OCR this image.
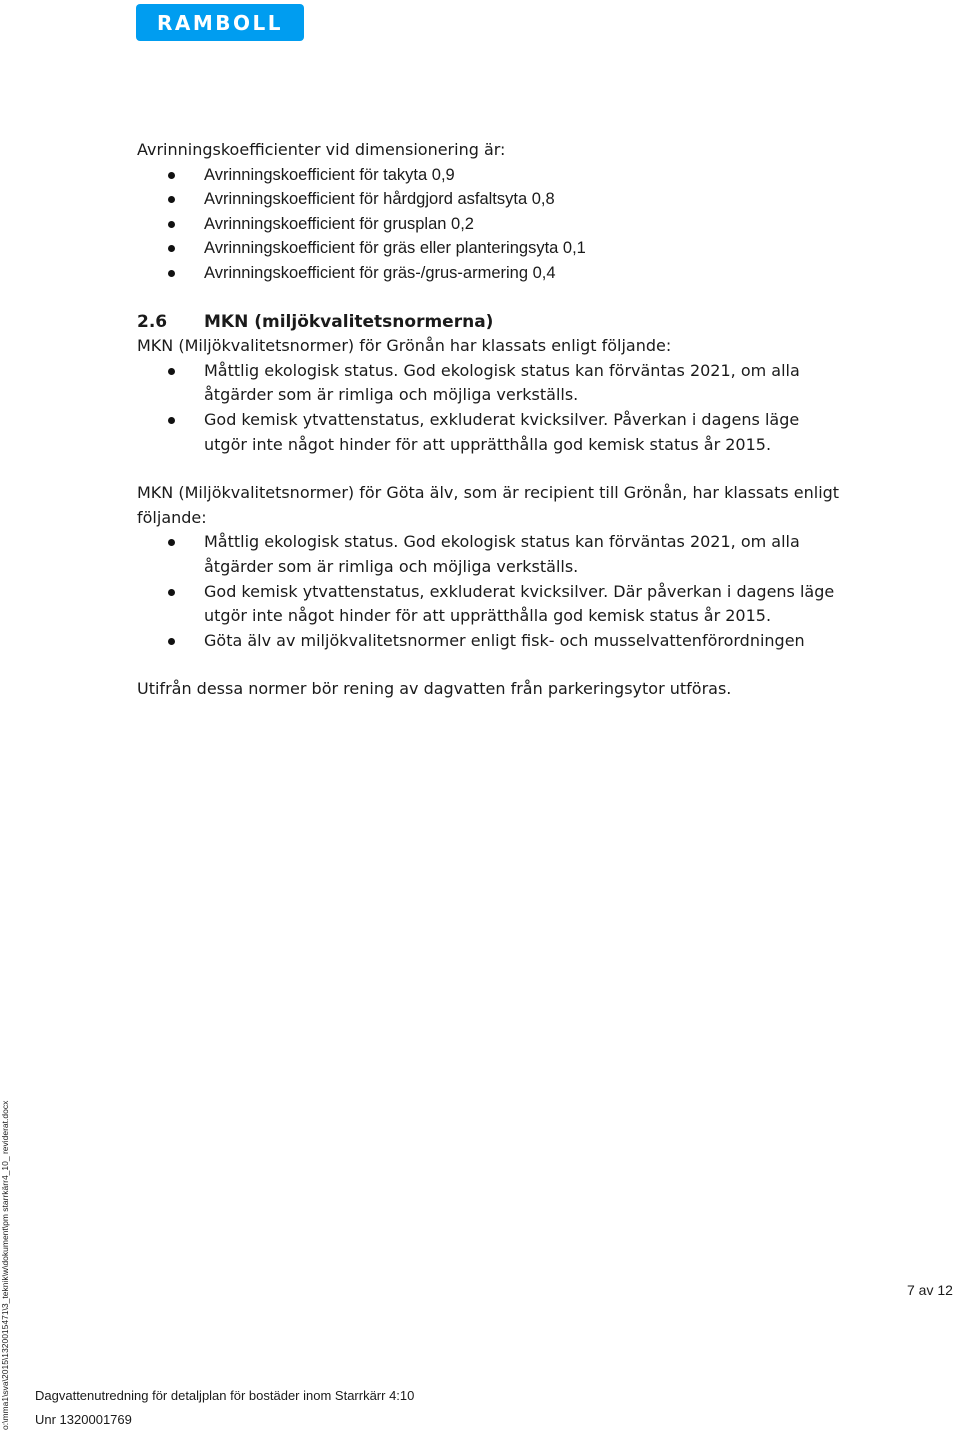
RAMBOLL

Avrinningskoefficienter vid dimensionering är:

Avrinningskoefficient för takyta 0,9
Avrinningskoefficient för hårdgjord asfaltsyta 0,8
Avrinningskoefficient för grusplan 0,2
Avrinningskoefficient för gräs eller planteringsyta 0,1
Avrinningskoefficient för gräs-/grus-armering 0,4
2.6	MKN (miljökvalitetsnormerna)

MKN (Miljökvalitetsnormer) för Grönån har klassats enligt följande:

Måttlig ekologisk status. God ekologisk status kan förväntas 2021, om alla åtgärder som är rimliga och möjliga verkställs.
God kemisk ytvattenstatus, exkluderat kvicksilver. Påverkan i dagens läge utgör inte något hinder för att upprätthålla god kemisk status år 2015.

MKN (Miljökvalitetsnormer) för Göta älv, som är recipient till Grönån, har klassats enligt följande:

Måttlig ekologisk status. God ekologisk status kan förväntas 2021, om alla åtgärder som är rimliga och möjliga verkställs.
God kemisk ytvattenstatus, exkluderat kvicksilver. Där påverkan i dagens läge utgör inte något hinder för att upprätthålla god kemisk status år 2015.
Göta älv av miljökvalitetsnormer enligt fisk- och musselvattenförordningen

Utifrån dessa normer bör rening av dagvatten från parkeringsytor utföras.

7 av 12
Dagvattenutredning för detaljplan för bostäder inom Starrkärr 4:10
Unr 1320001769
o:\mma1\sva\2015\1320015471\3_teknik\w\dokument\pm starrkärr4_10_ reviderat.docx
